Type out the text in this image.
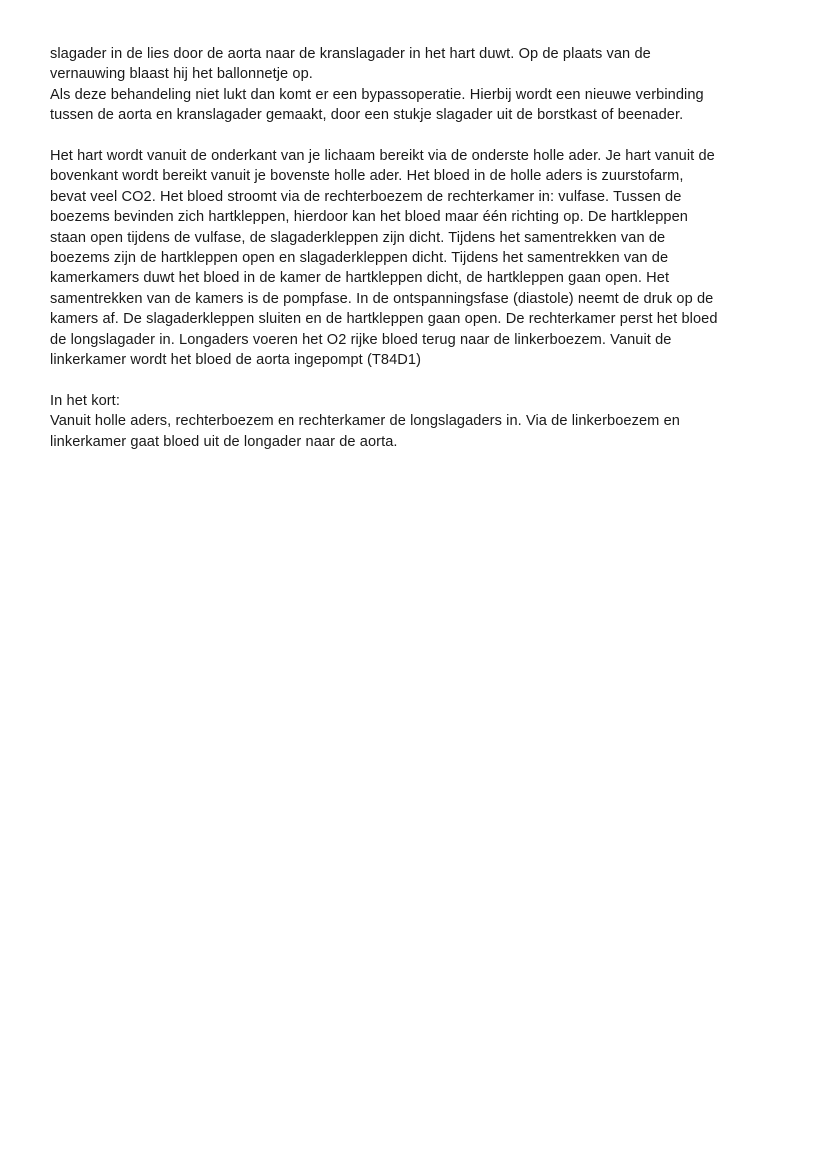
slagader in de lies door de aorta naar de kranslagader in het hart duwt. Op de plaats van de
vernauwing blaast hij het ballonnetje op.
Als deze behandeling niet lukt dan komt er een bypassoperatie. Hierbij wordt een nieuwe verbinding
tussen de aorta en kranslagader gemaakt, door een stukje slagader uit de borstkast of beenader.

Het hart wordt vanuit de onderkant van je lichaam bereikt via de onderste holle ader. Je hart vanuit de
bovenkant wordt bereikt vanuit je bovenste holle ader. Het bloed in de holle aders is zuurstofarm,
bevat veel CO2. Het bloed stroomt via de rechterboezem de rechterkamer in: vulfase. Tussen de
boezems bevinden zich hartkleppen, hierdoor kan het bloed maar één richting op. De hartkleppen
staan open tijdens de vulfase, de slagaderkleppen zijn dicht. Tijdens het samentrekken van de
boezems zijn de hartkleppen open en slagaderkleppen dicht. Tijdens het samentrekken van de
kamerkamers duwt het bloed in de kamer de hartkleppen dicht, de hartkleppen gaan open. Het
samentrekken van de kamers is de pompfase. In de ontspanningsfase (diastole) neemt de druk op de
kamers af. De slagaderkleppen sluiten en de hartkleppen gaan open. De rechterkamer perst het bloed
de longslagader in. Longaders voeren het O2 rijke bloed terug naar de linkerboezem. Vanuit de
linkerkamer wordt het bloed de aorta ingepompt (T84D1)

In het kort:
Vanuit holle aders, rechterboezem en rechterkamer de longslagaders in. Via de linkerboezem en
linkerkamer gaat bloed uit de longader naar de aorta.
